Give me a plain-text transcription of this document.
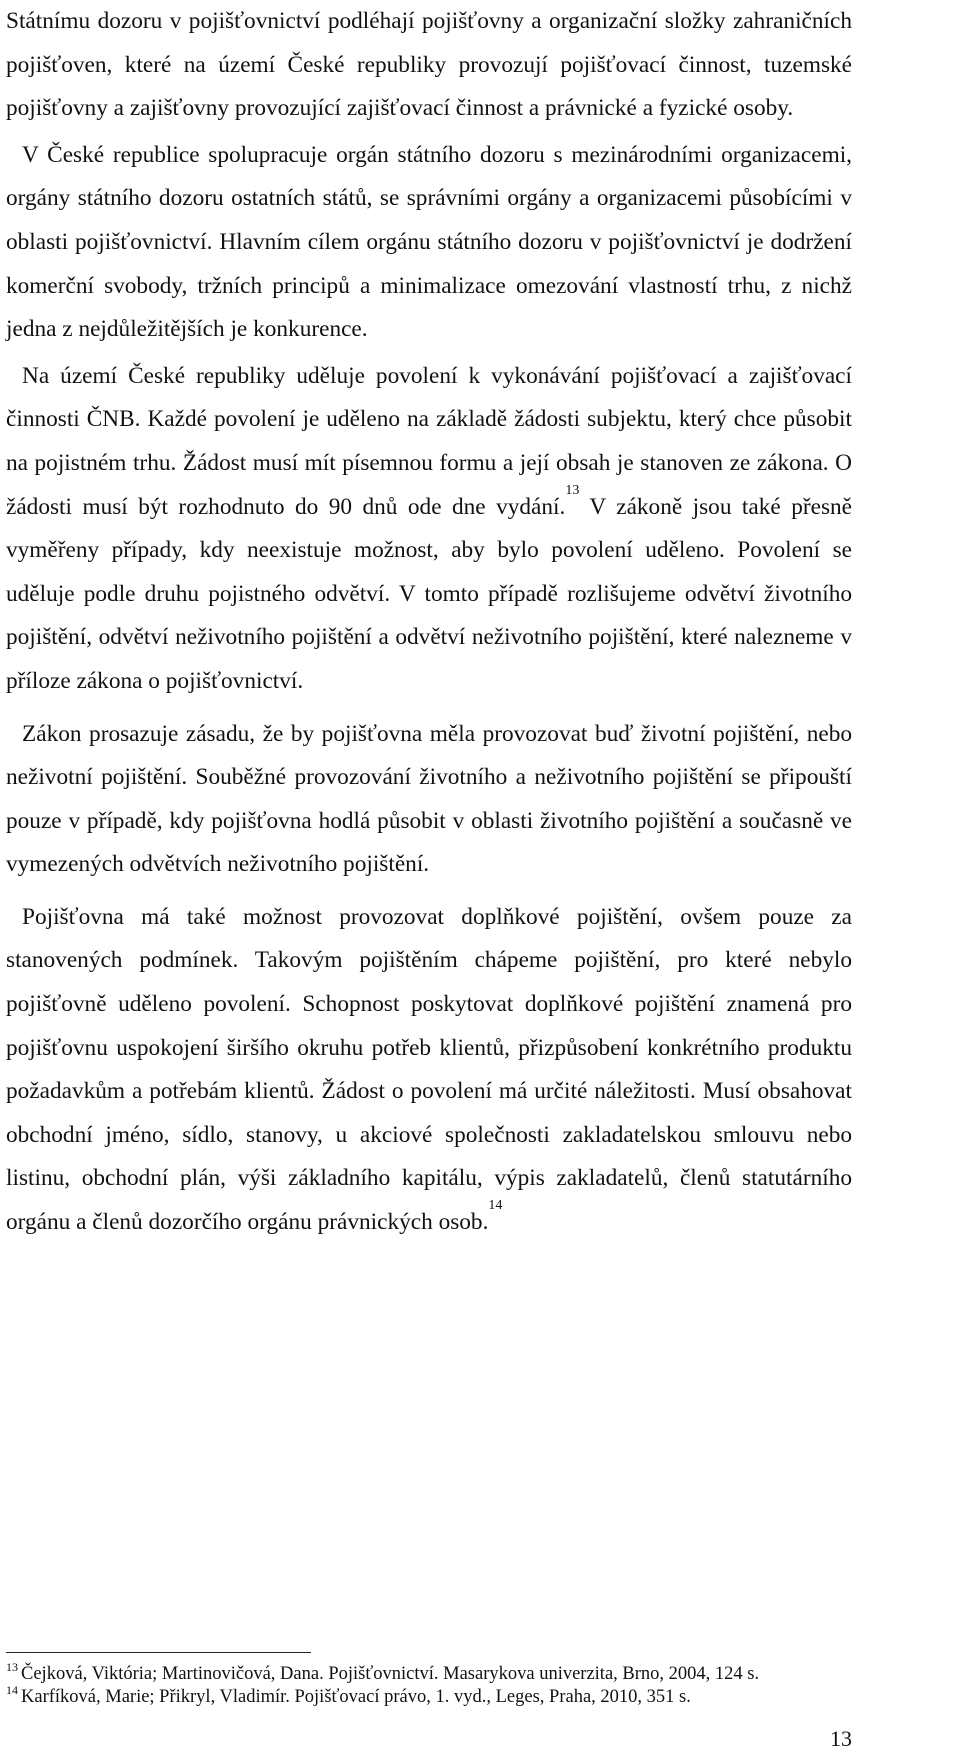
Státnímu dozoru v pojišťovnictví podléhají pojišťovny a organizační složky zahraničních pojišťoven, které na území České republiky provozují pojišťovací činnost, tuzemské pojišťovny a zajišťovny provozující zajišťovací činnost a právnické a fyzické osoby.

V České republice spolupracuje orgán státního dozoru s mezinárodními organizacemi, orgány státního dozoru ostatních států, se správními orgány a organizacemi působícími v oblasti pojišťovnictví. Hlavním cílem orgánu státního dozoru v pojišťovnictví je dodržení komerční svobody, tržních principů a minimalizace omezování vlastností trhu, z nichž jedna z nejdůležitějších je konkurence.

Na území České republiky uděluje povolení k vykonávání pojišťovací a zajišťovací činnosti ČNB. Každé povolení je uděleno na základě žádosti subjektu, který chce působit na pojistném trhu. Žádost musí mít písemnou formu a její obsah je stanoven ze zákona. O žádosti musí být rozhodnuto do 90 dnů ode dne vydání.$^{13}$ V zákoně jsou také přesně vyměřeny případy, kdy neexistuje možnost, aby bylo povolení uděleno. Povolení se uděluje podle druhu pojistného odvětví. V tomto případě rozlišujeme odvětví životního pojištění, odvětví neživotního pojištění a odvětví neživotního pojištění, které nalezneme v příloze zákona o pojišťovnictví.

Zákon prosazuje zásadu, že by pojišťovna měla provozovat buď životní pojištění, nebo neživotní pojištění. Souběžné provozování životního a neživotního pojištění se připouští pouze v případě, kdy pojišťovna hodlá působit v oblasti životního pojištění a současně ve vymezených odvětvích neživotního pojištění.

Pojišťovna má také možnost provozovat doplňkové pojištění, ovšem pouze za stanovených podmínek. Takovým pojištěním chápeme pojištění, pro které nebylo pojišťovně uděleno povolení. Schopnost poskytovat doplňkové pojištění znamená pro pojišťovnu uspokojení širšího okruhu potřeb klientů, přizpůsobení konkrétního produktu požadavkům a potřebám klientů. Žádost o povolení má určité náležitosti. Musí obsahovat obchodní jméno, sídlo, stanovy, u akciové společnosti zakladatelskou smlouvu nebo listinu, obchodní plán, výši základního kapitálu, výpis zakladatelů, členů statutárního orgánu a členů dozorčího orgánu právnických osob.$^{14}$

$^{13}$ Čejková, Viktória; Martinovičová, Dana. Pojišťovnictví. Masarykova univerzita, Brno, 2004, 124 s.

$^{14}$ Karfíková, Marie; Přikryl, Vladimír. Pojišťovací právo, 1. vyd., Leges, Praha, 2010, 351 s.

13
